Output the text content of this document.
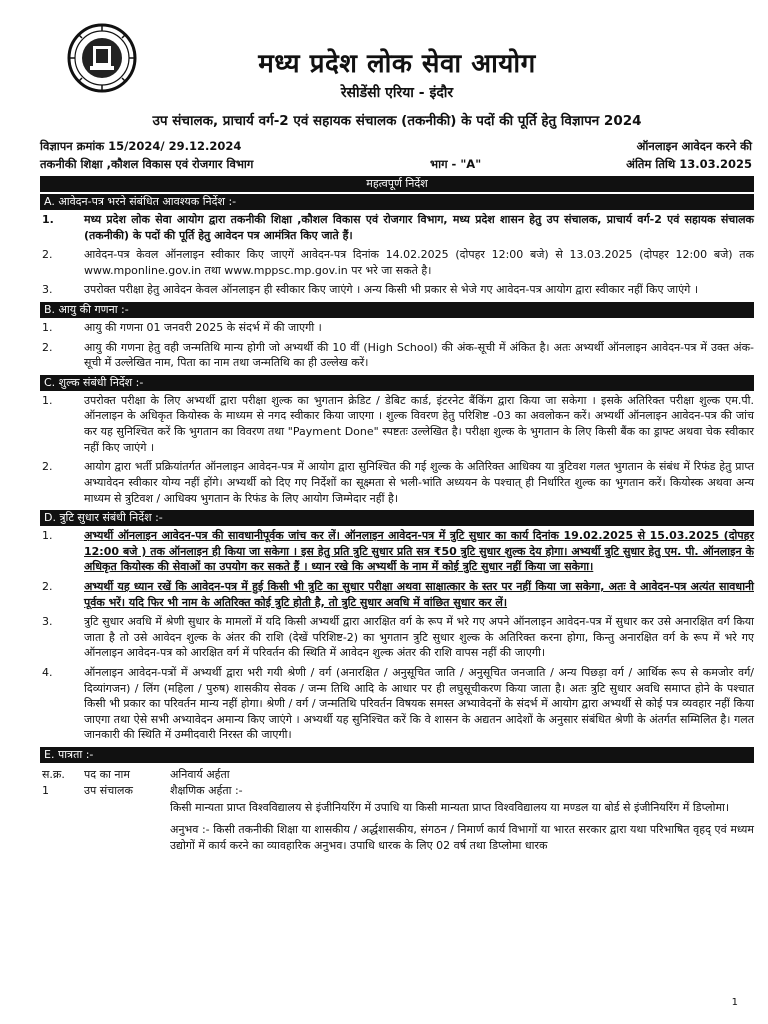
मध्य प्रदेश लोक सेवा आयोग
रेसीडेंसी एरिया - इंदौर
उप संचालक, प्राचार्य वर्ग-2 एवं सहायक संचालक (तकनीकी) के पदों की पूर्ति हेतु विज्ञापन 2024
विज्ञापन क्रमांक 15/2024/ 29.12.2024
तकनीकी शिक्षा ,कौशल विकास एवं रोजगार विभाग	भाग - "A"
ऑनलाइन आवेदन करने की
अंतिम तिथि 13.03.2025
महत्वपूर्ण निर्देश
A. आवेदन-पत्र भरने संबंधित आवश्यक निर्देश :-
1.	मध्य प्रदेश लोक सेवा आयोग द्वारा तकनीकी शिक्षा ,कौशल विकास एवं रोजगार विभाग, मध्य प्रदेश शासन हेतु उप संचालक, प्राचार्य वर्ग-2 एवं सहायक संचालक (तकनीकी) के पदों की पूर्ति हेतु आवेदन पत्र आमंत्रित किए जाते हैं।
2.	आवेदन-पत्र केवल ऑनलाइन स्वीकार किए जाएगें आवेदन-पत्र दिनांक 14.02.2025 (दोपहर 12:00 बजे) से 13.03.2025 (दोपहर 12:00 बजे) तक www.mponline.gov.in तथा www.mppsc.mp.gov.in पर भरे जा सकते है।
3.	उपरोक्त परीक्षा हेतु आवेदन केवल ऑनलाइन ही स्वीकार किए जाएंगे । अन्य किसी भी प्रकार से भेजे गए आवेदन-पत्र आयोग द्वारा स्वीकार नहीं किए जाएंगे ।
B. आयु की गणना :-
1.	आयु की गणना 01 जनवरी 2025 के संदर्भ में की जाएगी ।
2.	आयु की गणना हेतु वही जन्मतिथि मान्य होगी जो अभ्यर्थी की 10 वीं (High School) की अंक-सूची में अंकित है। अतः अभ्यर्थी ऑनलाइन आवेदन-पत्र में उक्त अंक-सूची में उल्लेखित नाम, पिता का नाम तथा जन्मतिथि का ही उल्लेख करें।
C. शुल्क संबंधी निर्देश :-
1.	उपरोक्त परीक्षा के लिए अभ्यर्थी द्वारा परीक्षा शुल्क का भुगतान क्रेडिट / डेबिट कार्ड, इंटरनेट बैंकिंग द्वारा किया जा सकेगा । इसके अतिरिक्त परीक्षा शुल्क एम.पी. ऑनलाइन के अधिकृत कियोस्क के माध्यम से नगद स्वीकार किया जाएगा । शुल्क विवरण हेतु परिशिष्ट -03 का अवलोकन करें। अभ्यर्थी ऑनलाइन आवेदन-पत्र की जांच कर यह सुनिश्चित करें कि भुगतान का विवरण तथा "Payment Done" स्पष्टतः उल्लेखित है। परीक्षा शुल्क के भुगतान के लिए किसी बैंक का ड्राफ्ट अथवा चेक स्वीकार नहीं किए जाएंगे ।
2.	आयोग द्वारा भर्ती प्रक्रियांतर्गत ऑनलाइन आवेदन-पत्र में आयोग द्वारा सुनिश्चित की गई शुल्क के अतिरिक्त आधिक्य या त्रुटिवश गलत भुगतान के संबंध में रिफंड हेतु प्राप्त अभ्यावेदन स्वीकार योग्य नहीं होंगे। अभ्यर्थी को दिए गए निर्देशों का सूक्ष्मता से भली-भांति अध्ययन के पश्चात् ही निर्धारित शुल्क का भुगतान करें। कियोस्क अथवा अन्य माध्यम से त्रुटिवश / आधिक्य भुगतान के रिफंड के लिए आयोग जिम्मेदार नहीं है।
D. त्रुटि सुधार संबंधी निर्देश :-
1.	अभ्यर्थी ऑनलाइन आवेदन-पत्र की सावधानीपूर्वक जांच कर लें। ऑनलाइन आवेदन-पत्र में त्रुटि सुधार का कार्य दिनांक 19.02.2025 से 15.03.2025 (दोपहर 12:00 बजे ) तक ऑनलाइन ही किया जा सकेगा । इस हेतु प्रति त्रुटि सुधार प्रति सत्र ₹50 त्रुटि सुधार शुल्क देय होगा। अभ्यर्थी त्रुटि सुधार हेतु एम. पी. ऑनलाइन के अधिकृत कियोस्क की सेवाओं का उपयोग कर सकते हैं । ध्यान रखे कि अभ्यर्थी के नाम में कोई त्रुटि सुधार नहीं किया जा सकेगा।
2.	अभ्यर्थी यह ध्यान रखें कि आवेदन-पत्र में हुई किसी भी त्रुटि का सुधार परीक्षा अथवा साक्षात्कार के स्तर पर नहीं किया जा सकेगा, अतः वे आवेदन-पत्र अत्यंत सावधानी पूर्वक भरें। यदि फिर भी नाम के अतिरिक्त कोई त्रुटि होती है, तो त्रुटि सुधार अवधि में वांछित सुधार कर लें।
3.	त्रुटि सुधार अवधि में श्रेणी सुधार के मामलों में यदि किसी अभ्यर्थी द्वारा आरक्षित वर्ग के रूप में भरे गए अपने ऑनलाइन आवेदन-पत्र में सुधार कर उसे अनारक्षित वर्ग किया जाता है तो उसे आवेदन शुल्क के अंतर की राशि (देखें परिशिष्ट-2) का भुगतान त्रुटि सुधार शुल्क के अतिरिक्त करना होगा, किन्तु अनारक्षित वर्ग के रूप में भरे गए ऑनलाइन आवेदन-पत्र को आरक्षित वर्ग में परिवर्तन की स्थिति में आवेदन शुल्क अंतर की राशि वापस नहीं की जाएगी।
4.	ऑनलाइन आवेदन-पत्रों में अभ्यर्थी द्वारा भरी गयी श्रेणी / वर्ग (अनारक्षित / अनुसूचित जाति / अनुसूचित जनजाति / अन्य पिछड़ा वर्ग / आर्थिक रूप से कमजोर वर्ग/ दिव्यांगजन) / लिंग (महिला / पुरुष) शासकीय सेवक / जन्म तिथि आदि के आधार पर ही लघुसूचीकरण किया जाता है। अतः त्रुटि सुधार अवधि समाप्त होने के पश्चात किसी भी प्रकार का परिवर्तन मान्य नहीं होगा। श्रेणी / वर्ग / जन्मतिथि परिवर्तन विषयक समस्त अभ्यावेदनों के संदर्भ में आयोग द्वारा अभ्यर्थी से कोई पत्र व्यवहार नहीं किया जाएगा तथा ऐसे सभी अभ्यावेदन अमान्य किए जाएंगे । अभ्यर्थी यह सुनिश्चित करें कि वे शासन के अद्यतन आदेशों के अनुसार संबंधित श्रेणी के अंतर्गत सम्मिलित है। गलत जानकारी की स्थिति में उम्मीदवारी निरस्त की जाएगी।
E. पात्रता :-
स.क्र.	पद का नाम	अनिवार्य अर्हता
1	उप संचालक	शैक्षणिक अर्हता :-
किसी मान्यता प्राप्त विश्वविद्यालय से इंजीनियरिंग में उपाधि या किसी मान्यता प्राप्त विश्वविद्यालय या मण्डल या बोर्ड से इंजीनियरिंग में डिप्लोमा।
अनुभव :- किसी तकनीकी शिक्षा या शासकीय / अर्द्धशासकीय, संगठन / निमार्ण कार्य विभागों या भारत सरकार द्वारा यथा परिभाषित वृहद् एवं मध्यम उद्योगों में कार्य करने का व्यावहारिक अनुभव। उपाधि धारक के लिए 02 वर्ष तथा डिप्लोमा धारक
1
